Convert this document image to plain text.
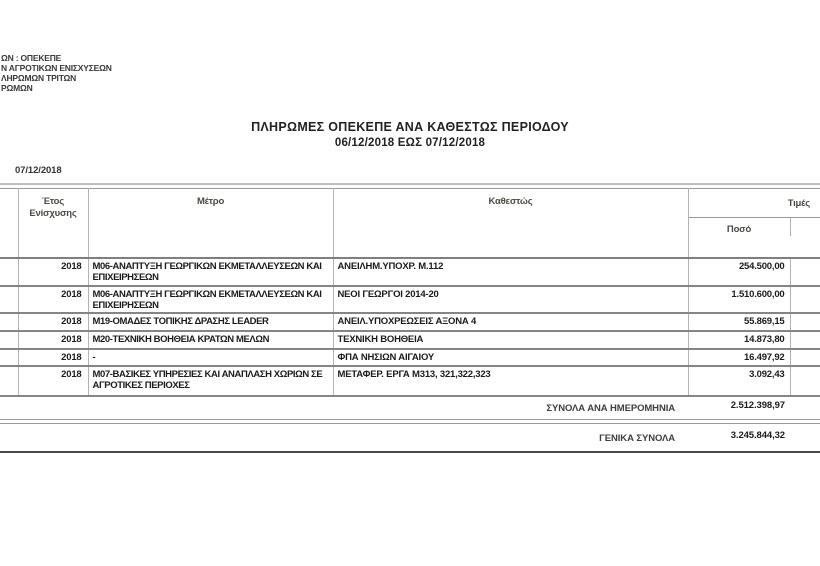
ΩΝ : ΟΠΕΚΕΠΕ
Ν ΑΓΡΟΤΙΚΩΝ ΕΝΙΣΧΥΣΕΩΝ
ΛΗΡΩΜΩΝ ΤΡΙΤΩΝ
ΡΩΜΩΝ
ΠΛΗΡΩΜΕΣ ΟΠΕΚΕΠΕ ΑΝΑ ΚΑΘΕΣΤΩΣ ΠΕΡΙΟΔΟΥ
06/12/2018 ΕΩΣ 07/12/2018
07/12/2018
	Έτος Ενίσχυσης	Μέτρο	Καθεστώς	Τιμές
Ποσό	

	2018	M06-ΑΝΑΠΤΥΞΗ ΓΕΩΡΓΙΚΩΝ ΕΚΜΕΤΑΛΛΕΥΣΕΩΝ ΚΑΙ ΕΠΙΧΕΙΡΗΣΕΩΝ	ΑΝΕΙΛΗΜ.ΥΠΟΧΡ. Μ.112	254.500,00	
	2018	M06-ΑΝΑΠΤΥΞΗ ΓΕΩΡΓΙΚΩΝ ΕΚΜΕΤΑΛΛΕΥΣΕΩΝ ΚΑΙ ΕΠΙΧΕΙΡΗΣΕΩΝ	ΝΕΟΙ ΓΕΩΡΓΟΙ 2014-20	1.510.600,00	
	2018	M19-ΟΜΑΔΕΣ ΤΟΠΙΚΗΣ ΔΡΑΣΗΣ LEADER	ΑΝΕΙΛ.ΥΠΟΧΡΕΩΣΕΙΣ ΑΞΟΝΑ 4	55.869,15	
	2018	M20-ΤΕΧΝΙΚΗ ΒΟΗΘΕΙΑ ΚΡΑΤΩΝ ΜΕΛΩΝ	ΤΕΧΝΙΚΗ ΒΟΗΘΕΙΑ	14.873,80	
	2018	-	ΦΠΑ ΝΗΣΙΩΝ ΑΙΓΑΙΟΥ	16.497,92	
	2018	M07-ΒΑΣΙΚΕΣ ΥΠΗΡΕΣΙΕΣ ΚΑΙ ΑΝΑΠΛΑΣΗ ΧΩΡΙΩΝ ΣΕ ΑΓΡΟΤΙΚΕΣ ΠΕΡΙΟΧΕΣ	ΜΕΤΑΦΕΡ. ΕΡΓΑ Μ313, 321,322,323	3.092,43	
ΣΥΝΟΛΑ ΑΝΑ ΗΜΕΡΟΜΗΝΙΑ	2.512.398,97
ΓΕΝΙΚΑ ΣΥΝΟΛΑ	3.245.844,32
